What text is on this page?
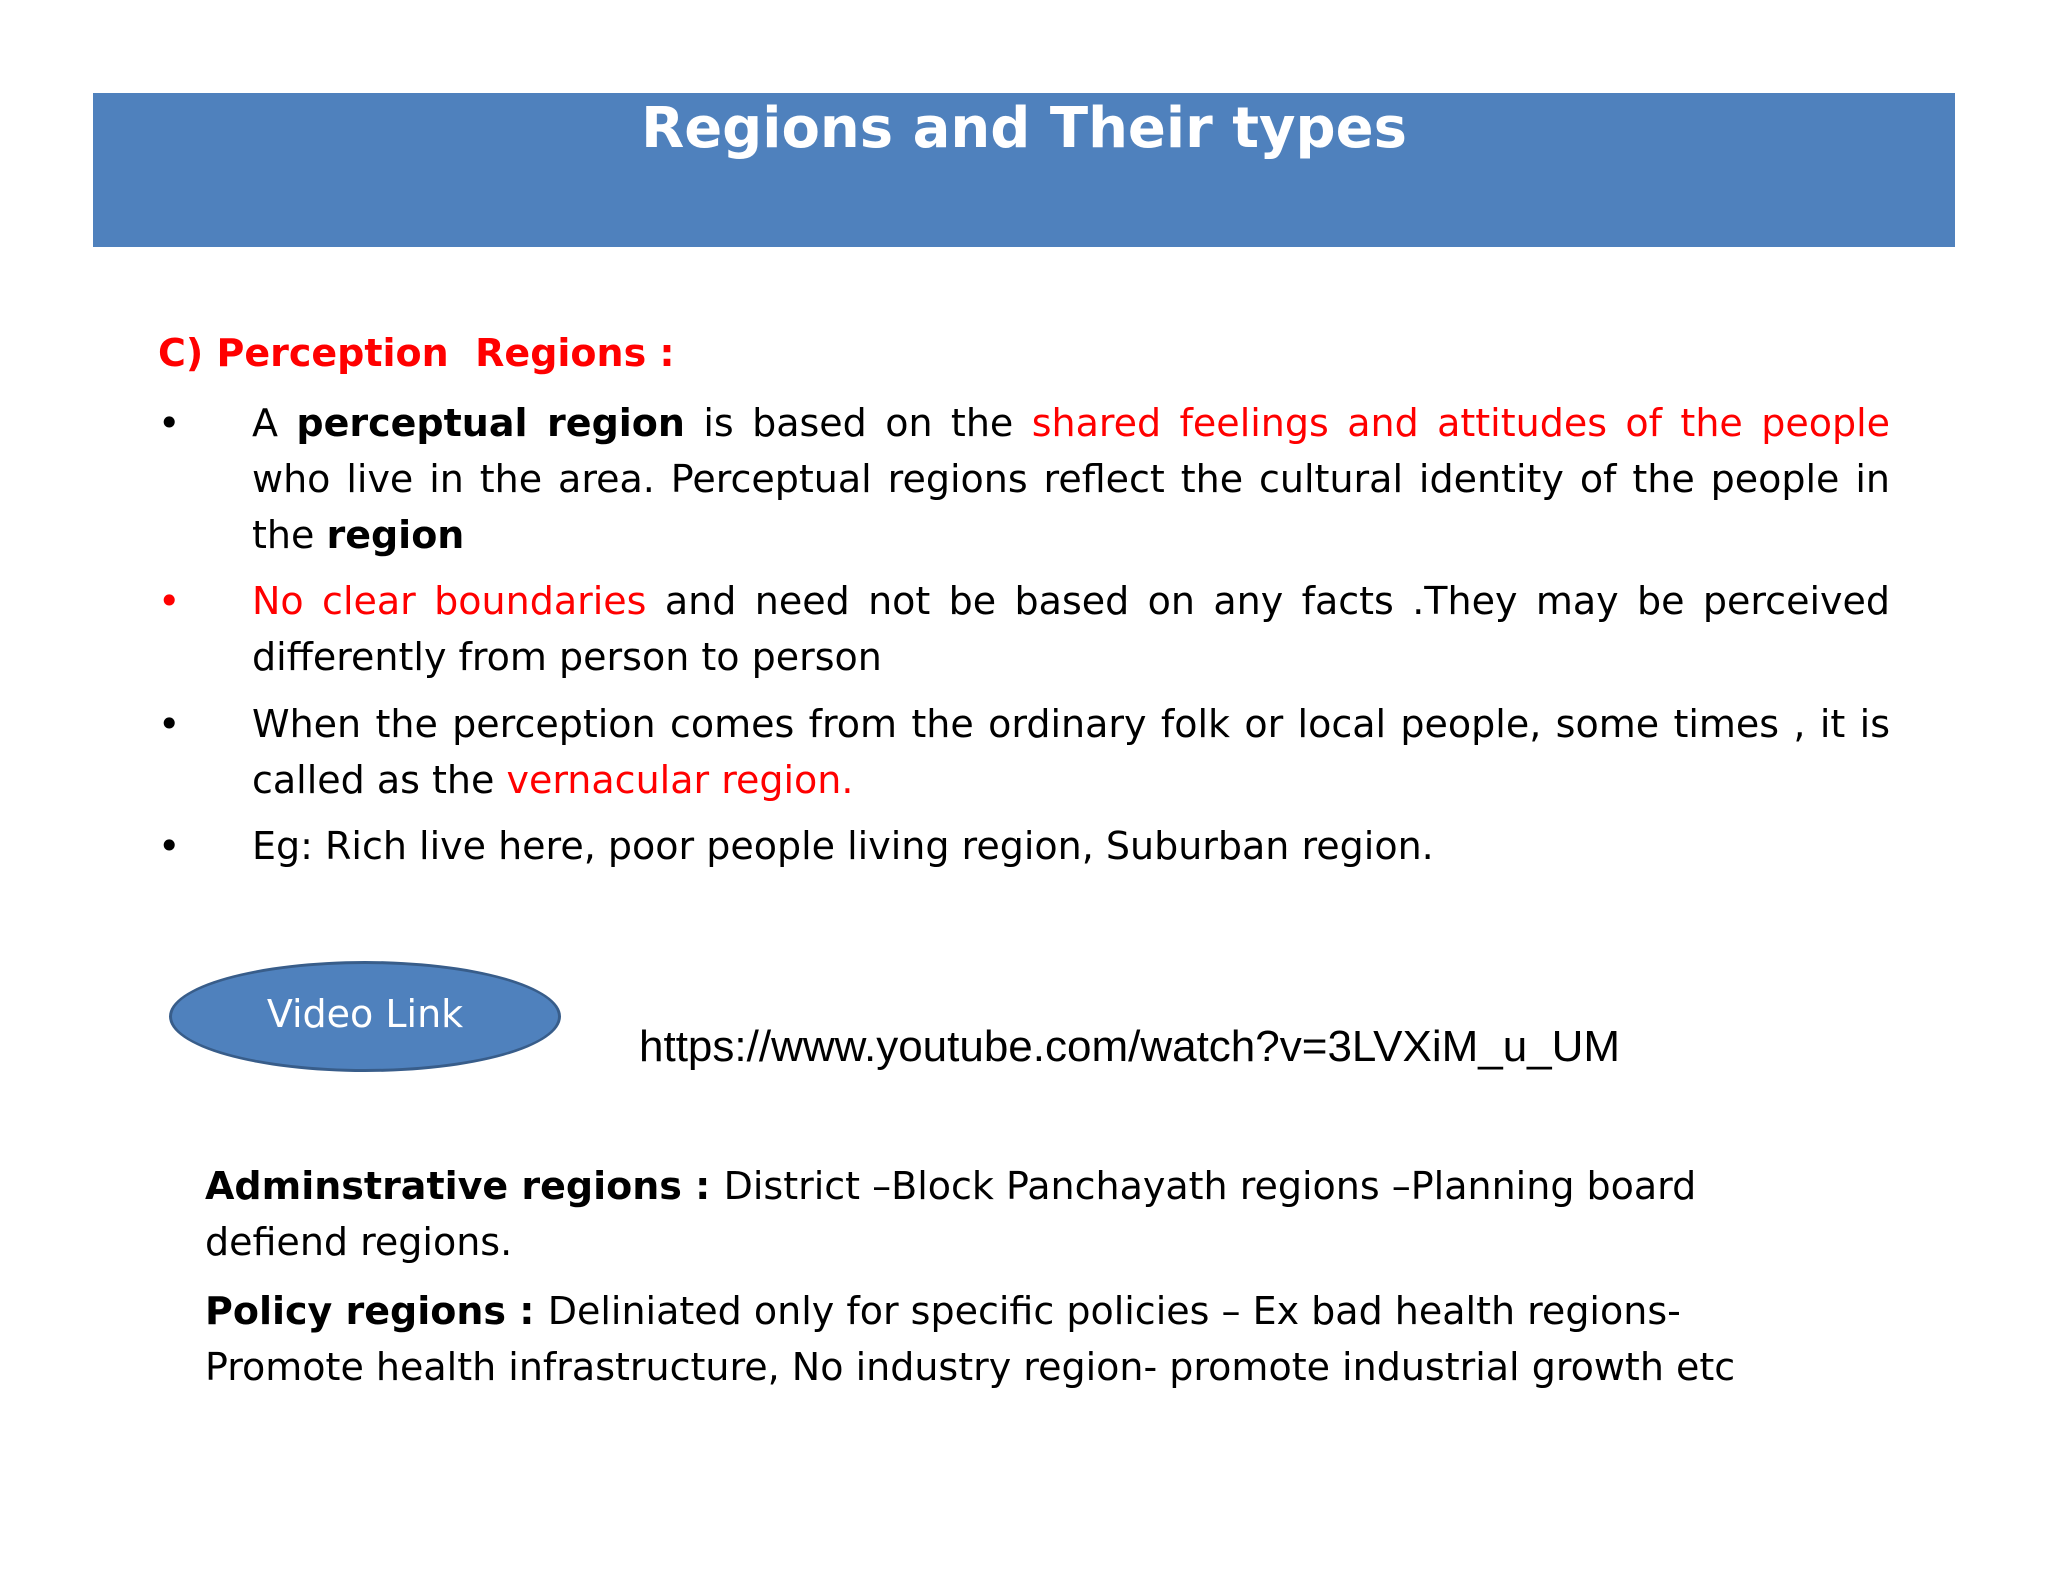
Regions and Their types
C) Perception  Regions :
• A perceptual region is based on the shared feelings and attitudes of the people who live in the area. Perceptual regions reflect the cultural identity of the people in the region
• No clear boundaries and need not be based on any facts .They may be perceived differently from person to person
• When the perception comes from the ordinary folk or local people, some times , it is called as the vernacular region.
• Eg: Rich live here, poor people living region, Suburban region.
Video Link
https://www.youtube.com/watch?v=3LVXiM_u_UM
Adminstrative regions : District –Block Panchayath regions –Planning board defiend regions.
Policy regions : Deliniated only for specific policies – Ex bad health regions- Promote health infrastructure, No industry region- promote industrial growth etc
